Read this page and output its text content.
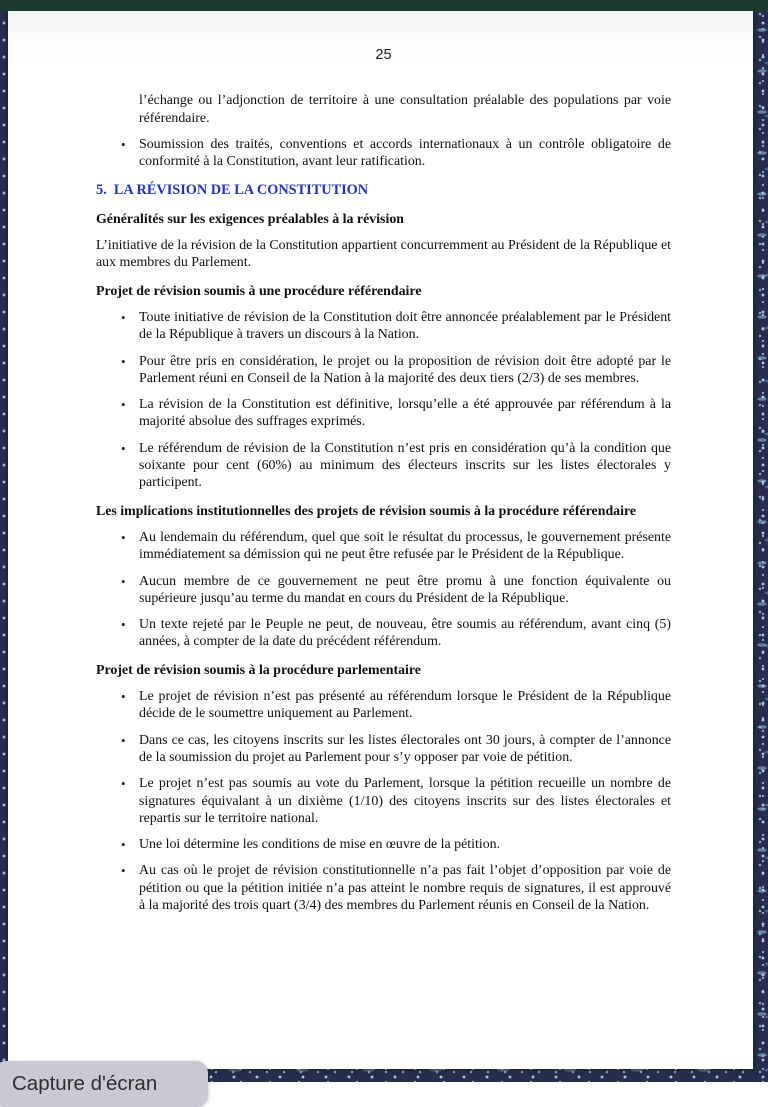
25
l’échange ou l’adjonction de territoire à une consultation préalable des populations par voie référendaire.
• Soumission des traités, conventions et accords internationaux à un contrôle obligatoire de conformité à la Constitution, avant leur ratification.
5.  LA RÉVISION DE LA CONSTITUTION
Généralités sur les exigences préalables à la révision
L’initiative de la révision de la Constitution appartient concurremment au Président de la République et aux membres du Parlement.
Projet de révision soumis à une procédure référendaire
• Toute initiative de révision de la Constitution doit être annoncée préalablement par le Président de la République à travers un discours à la Nation.
• Pour être pris en considération, le projet ou la proposition de révision doit être adopté par le Parlement réuni en Conseil de la Nation à la majorité des deux tiers (2/3) de ses membres.
• La révision de la Constitution est définitive, lorsqu’elle a été approuvée par référendum à la majorité absolue des suffrages exprimés.
• Le référendum de révision de la Constitution n’est pris en considération qu’à la condition que soixante pour cent (60%) au minimum des électeurs inscrits sur les listes électorales y participent.
Les implications institutionnelles des projets de révision soumis à la procédure référendaire
• Au lendemain du référendum, quel que soit le résultat du processus, le gouvernement présente immédiatement sa démission qui ne peut être refusée par le Président de la République.
• Aucun membre de ce gouvernement ne peut être promu à une fonction équivalente ou supérieure jusqu’au terme du mandat en cours du Président de la République.
• Un texte rejeté par le Peuple ne peut, de nouveau, être soumis au référendum, avant cinq (5) années, à compter de la date du précédent référendum.
Projet de révision soumis à la procédure parlementaire
• Le projet de révision n’est pas présenté au référendum lorsque le Président de la République décide de le soumettre uniquement au Parlement.
• Dans ce cas, les citoyens inscrits sur les listes électorales ont 30 jours, à compter de l’annonce de la soumission du projet au Parlement pour s’y opposer par voie de pétition.
• Le projet n’est pas soumis au vote du Parlement, lorsque la pétition recueille un nombre de signatures équivalant à un dixième (1/10) des citoyens inscrits sur des listes électorales et repartis sur le territoire national.
• Une loi détermine les conditions de mise en œuvre de la pétition.
• Au cas où le projet de révision constitutionnelle n’a pas fait l’objet d’opposition par voie de pétition ou que la pétition initiée n’a pas atteint le nombre requis de signatures, il est approuvé à la majorité des trois quart (3/4) des membres du Parlement réunis en Conseil de la Nation.
Capture d'écran
